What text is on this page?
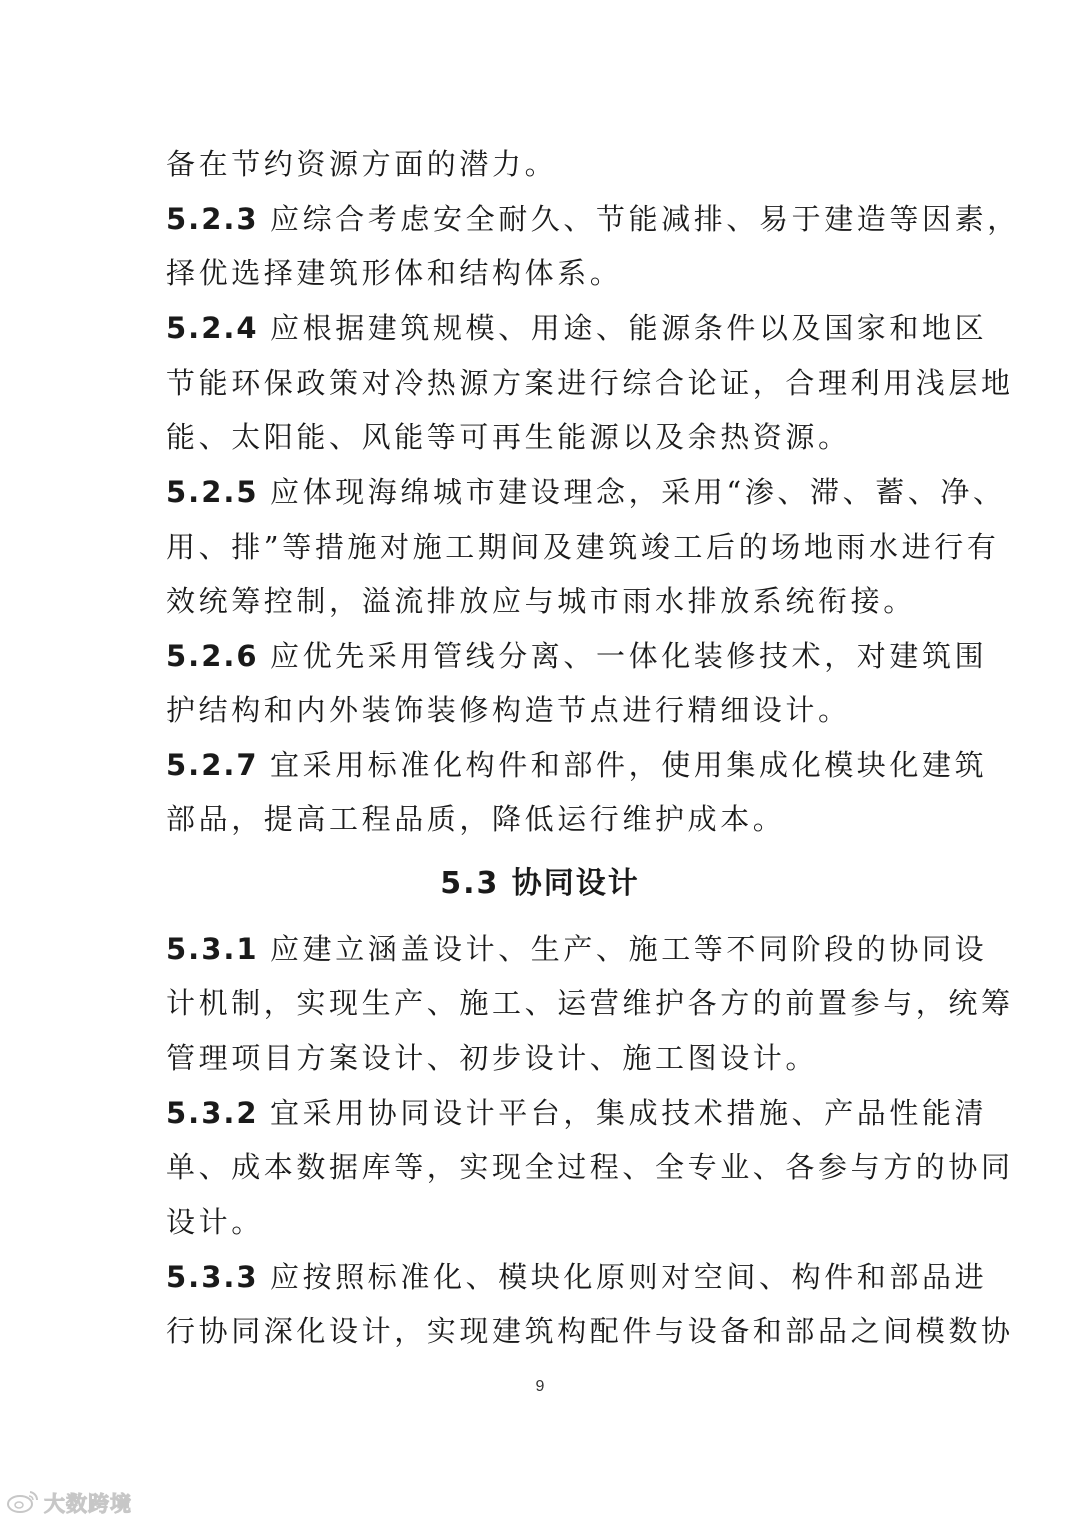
备在节约资源方面的潜力。
5.2.3 应综合考虑安全耐久、节能减排、易于建造等因素，
择优选择建筑形体和结构体系。
5.2.4 应根据建筑规模、用途、能源条件以及国家和地区
节能环保政策对冷热源方案进行综合论证，合理利用浅层地
能、太阳能、风能等可再生能源以及余热资源。
5.2.5 应体现海绵城市建设理念，采用“渗、滞、蓄、净、
用、排”等措施对施工期间及建筑竣工后的场地雨水进行有
效统筹控制，溢流排放应与城市雨水排放系统衔接。
5.2.6 应优先采用管线分离、一体化装修技术，对建筑围
护结构和内外装饰装修构造节点进行精细设计。
5.2.7 宜采用标准化构件和部件，使用集成化模块化建筑
部品，提高工程品质，降低运行维护成本。
5.3 协同设计
5.3.1 应建立涵盖设计、生产、施工等不同阶段的协同设
计机制，实现生产、施工、运营维护各方的前置参与，统筹
管理项目方案设计、初步设计、施工图设计。
5.3.2 宜采用协同设计平台，集成技术措施、产品性能清
单、成本数据库等，实现全过程、全专业、各参与方的协同
设计。
5.3.3 应按照标准化、模块化原则对空间、构件和部品进
行协同深化设计，实现建筑构配件与设备和部品之间模数协
9
大数跨境
